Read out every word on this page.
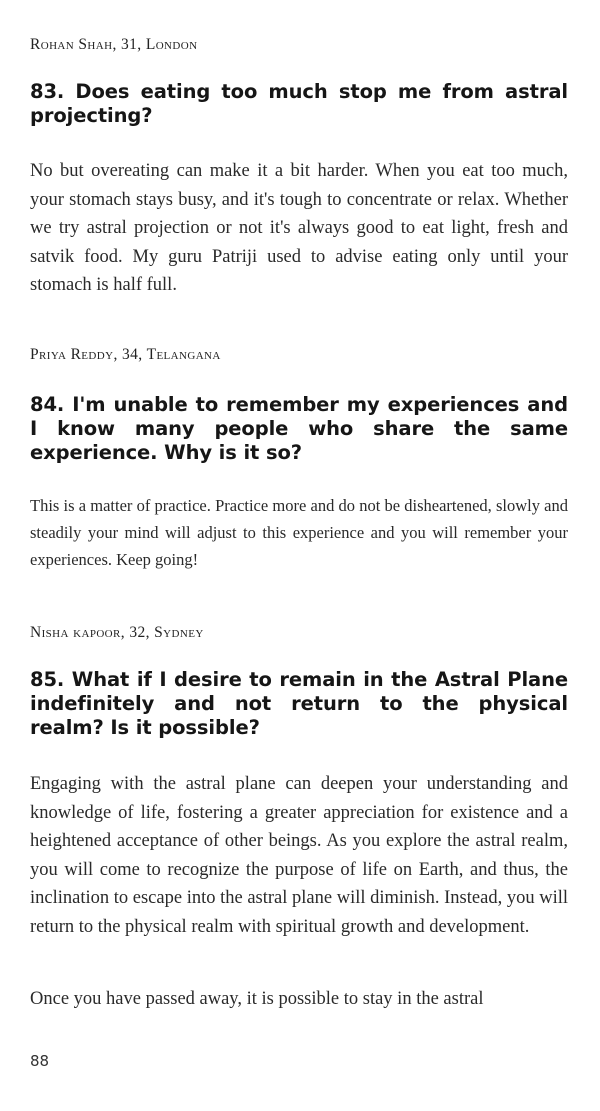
Rohan Shah, 31, London
83. Does eating too much stop me from astral projecting?
No but overeating can make it a bit harder. When you eat too much, your stomach stays busy, and it's tough to concentrate or relax. Whether we try astral projection or not it's always good to eat light, fresh and satvik food. My guru Patriji used to advise eating only until your stomach is half full.
Priya Reddy, 34, Telangana
84. I'm unable to remember my experiences and I know many people who share the same experience. Why is it so?
This is a matter of practice. Practice more and do not be disheartened, slowly and steadily your mind will adjust to this experience and you will remember your experiences. Keep going!
Nisha kapoor, 32, Sydney
85. What if I desire to remain in the Astral Plane indefinitely and not return to the physical realm? Is it possible?
Engaging with the astral plane can deepen your understanding and knowledge of life, fostering a greater appreciation for existence and a heightened acceptance of other beings. As you explore the astral realm, you will come to recognize the purpose of life on Earth, and thus, the inclination to escape into the astral plane will diminish. Instead, you will return to the physical realm with spiritual growth and development.
Once you have passed away, it is possible to stay in the astral
88
